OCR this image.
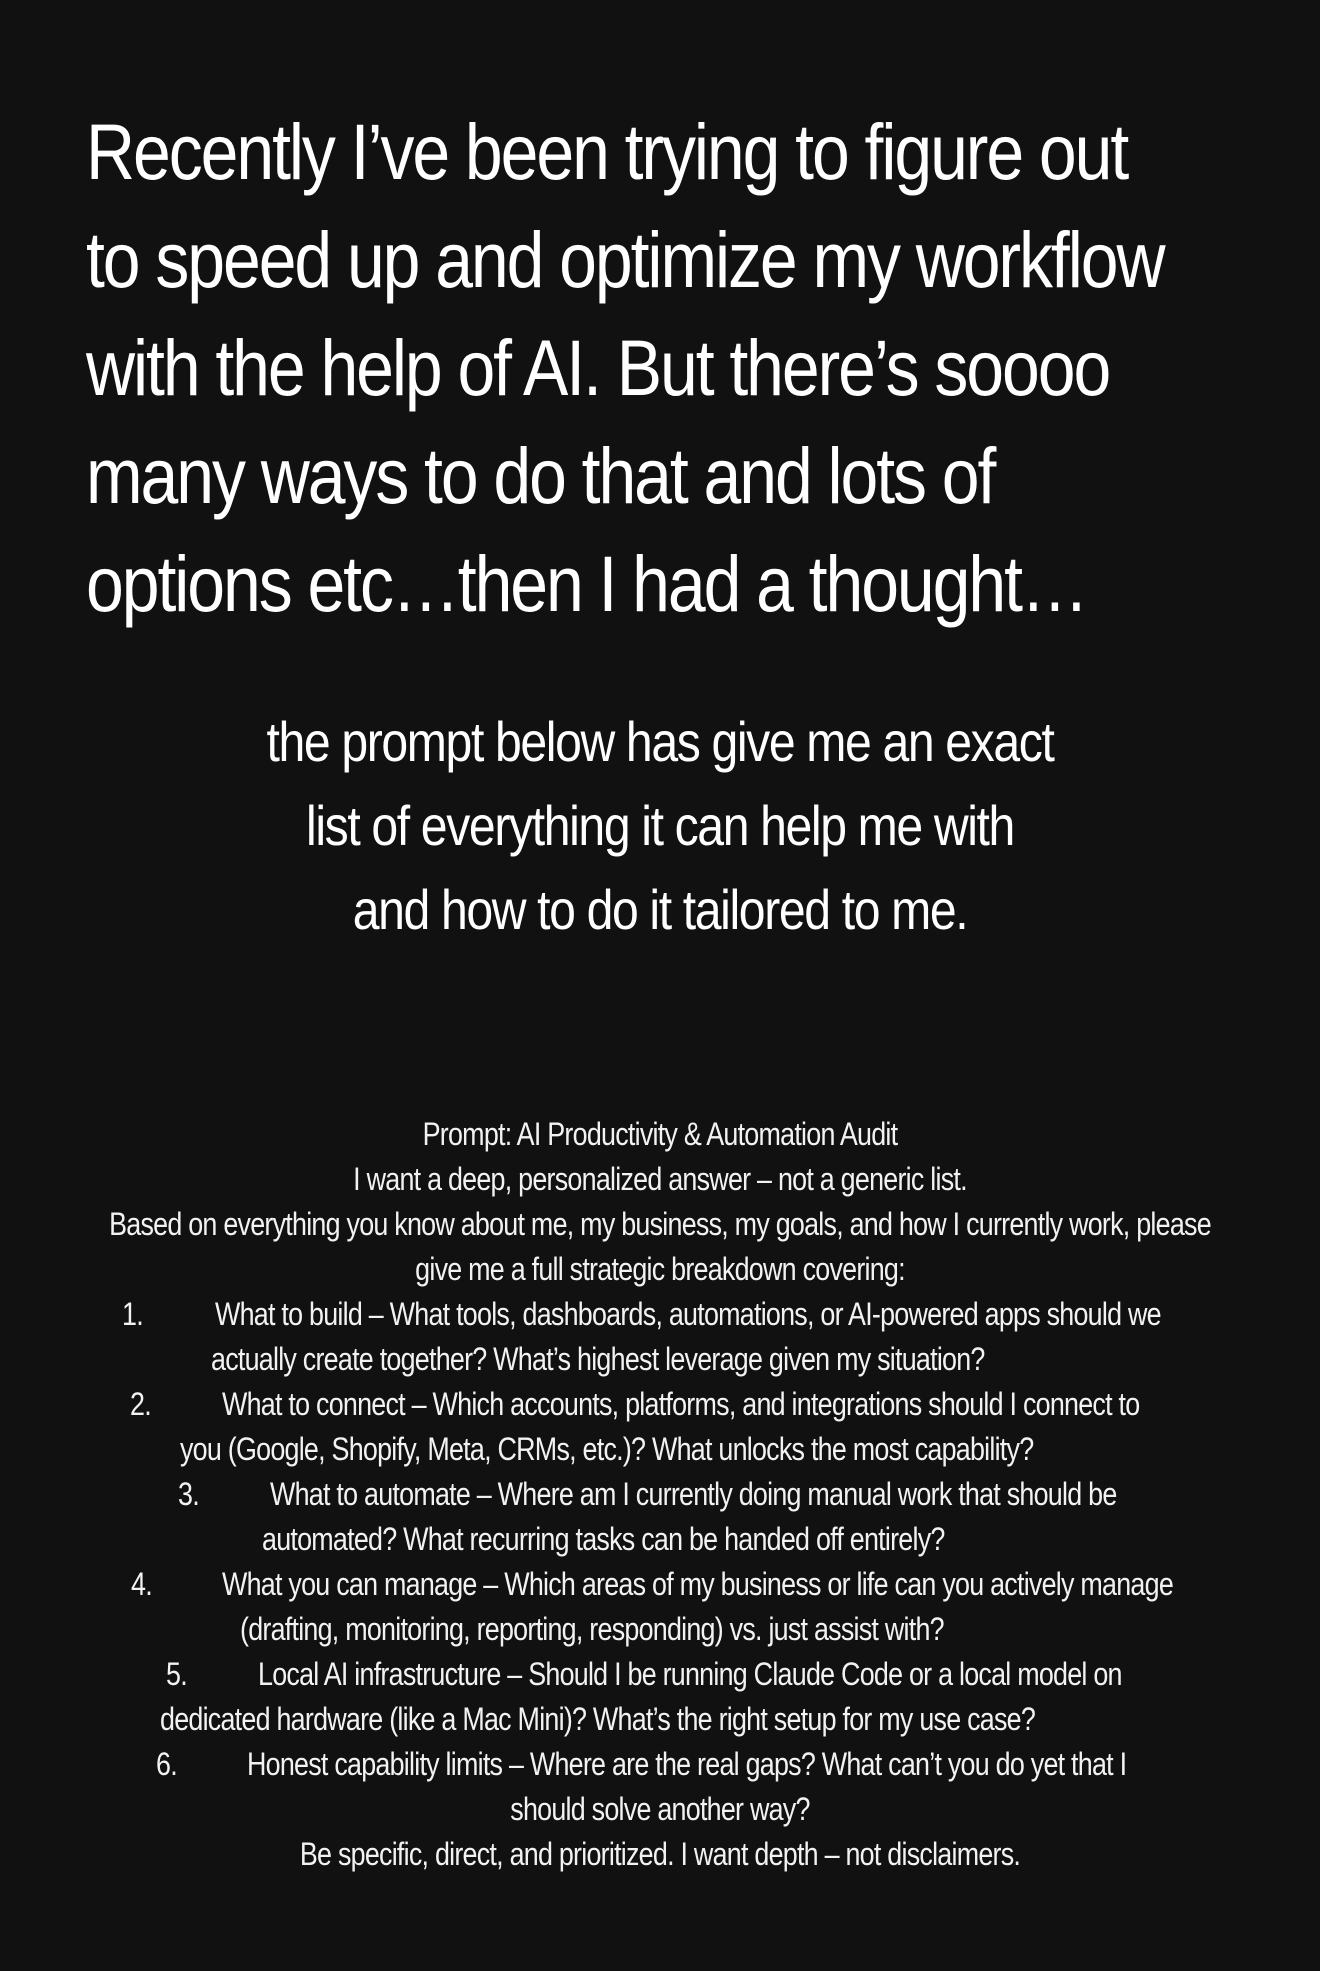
Recently I’ve been trying to figure out
to speed up and optimize my workflow
with the help of AI. But there’s soooo
many ways to do that and lots of
options etc…then I had a thought…
the prompt below has give me an exact
list of everything it can help me with
and how to do it tailored to me.
Prompt: AI Productivity & Automation Audit
I want a deep, personalized answer – not a generic list.
Based on everything you know about me, my business, my goals, and how I currently work, please
give me a full strategic breakdown covering:
1. What to build – What tools, dashboards, automations, or AI-powered apps should we
actually create together? What’s highest leverage given my situation?
2. What to connect – Which accounts, platforms, and integrations should I connect to
you (Google, Shopify, Meta, CRMs, etc.)? What unlocks the most capability?
3. What to automate – Where am I currently doing manual work that should be
automated? What recurring tasks can be handed off entirely?
4. What you can manage – Which areas of my business or life can you actively manage
(drafting, monitoring, reporting, responding) vs. just assist with?
5. Local AI infrastructure – Should I be running Claude Code or a local model on
dedicated hardware (like a Mac Mini)? What’s the right setup for my use case?
6. Honest capability limits – Where are the real gaps? What can’t you do yet that I
should solve another way?
Be specific, direct, and prioritized. I want depth – not disclaimers.
